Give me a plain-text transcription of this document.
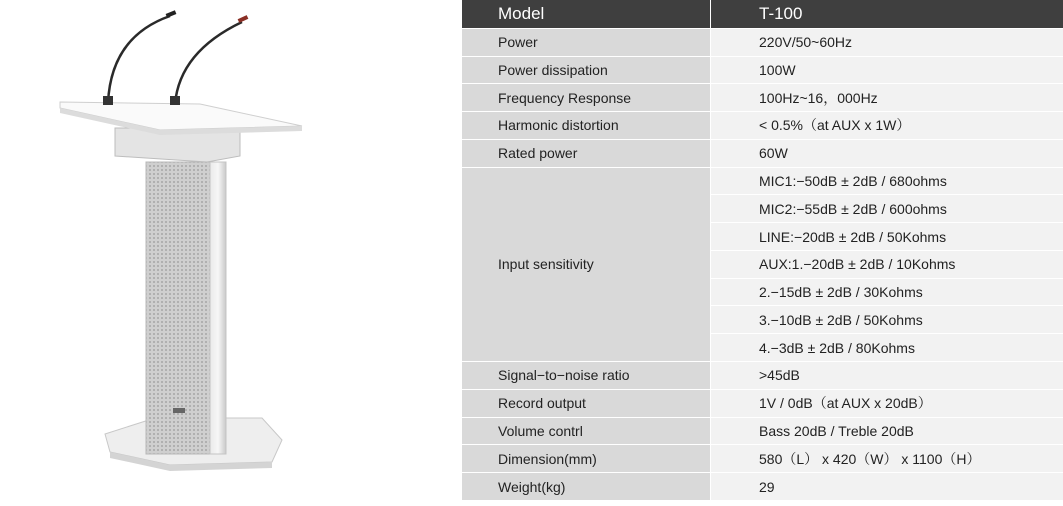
Model	T-100
Power	220V/50~60Hz
Power dissipation	100W
Frequency Response	100Hz~16，000Hz
Harmonic distortion	< 0.5%（at AUX x 1W）
Rated power	60W
Input sensitivity	MIC1:−50dB ± 2dB / 680ohms
	MIC2:−55dB ± 2dB / 600ohms
	LINE:−20dB ± 2dB / 50Kohms
	AUX:1.−20dB ± 2dB / 10Kohms
	2.−15dB ± 2dB / 30Kohms
	3.−10dB ± 2dB / 50Kohms
	4.−3dB ± 2dB / 80Kohms
Signal−to−noise ratio	>45dB
Record output	1V / 0dB（at AUX x 20dB）
Volume contrl	Bass 20dB / Treble 20dB
Dimension(mm)	580（L） x 420（W） x 1100（H）
Weight(kg)	29
